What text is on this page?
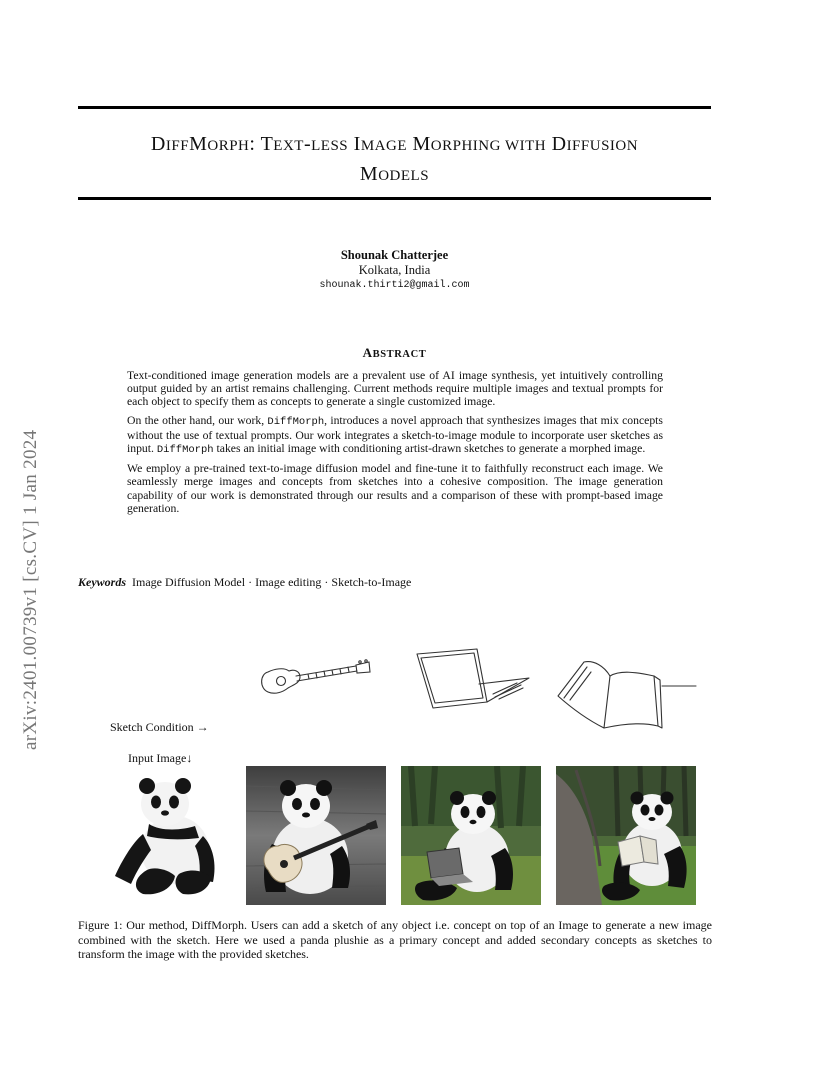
arXiv:2401.00739v1 [cs.CV] 1 Jan 2024
DIFFMORPH: TEXT-LESS IMAGE MORPHING WITH DIFFUSION
MODELS
Shounak Chatterjee
Kolkata, India
shounak.thirti2@gmail.com
ABSTRACT

Text-conditioned image generation models are a prevalent use of AI image synthesis, yet intuitively controlling output guided by an artist remains challenging. Current methods require multiple images and textual prompts for each object to specify them as concepts to generate a single customized image.

On the other hand, our work, DiffMorph, introduces a novel approach that synthesizes images that mix concepts without the use of textual prompts. Our work integrates a sketch-to-image module to incorporate user sketches as input. DiffMorph takes an initial image with conditioning artist-drawn sketches to generate a morphed image.

We employ a pre-trained text-to-image diffusion model and fine-tune it to faithfully reconstruct each image. We seamlessly merge images and concepts from sketches into a cohesive composition. The image generation capability of our work is demonstrated through our results and a comparison of these with prompt-based image generation.

Keywords Image Diffusion Model · Image editing · Sketch-to-Image
Sketch Condition →
Input Image↓
Figure 1: Our method, DiffMorph. Users can add a sketch of any object i.e. concept on top of an Image to generate a new image combined with the sketch. Here we used a panda plushie as a primary concept and added secondary concepts as sketches to transform the image with the provided sketches.
